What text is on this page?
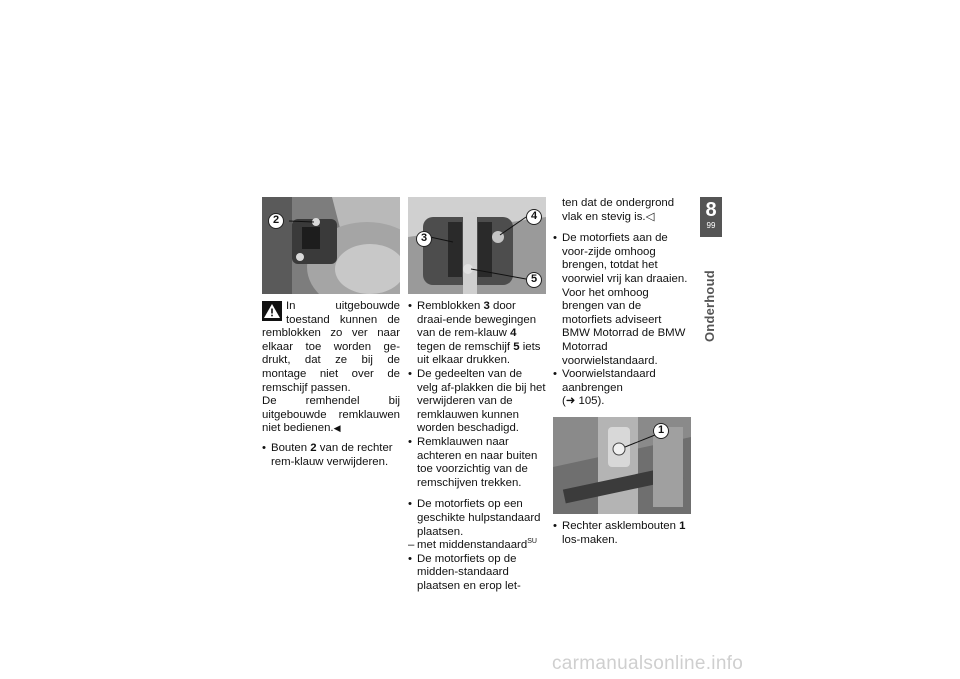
2

In uitgebouwde toestand kunnen de remblokken zo ver naar elkaar toe worden ge-drukt, dat ze bij de montage niet over de remschijf passen.
De remhendel bij uitgebouwde remklauwen niet bedienen.◀

• Bouten 2 van de rechter rem-klauw verwijderen.
4
3
5
• Remblokken 3 door draai-ende bewegingen van de rem-klauw 4 tegen de remschijf 5 iets uit elkaar drukken.
• De gedeelten van de velg af-plakken die bij het verwijderen van de remklauwen kunnen worden beschadigd.
• Remklauwen naar achteren en naar buiten toe voorzichtig van de remschijven trekken.
• De motorfiets op een geschikte hulpstandaard plaatsen.
– met middenstandaard$^{SU}$
• De motorfiets op de midden-standaard plaatsen en erop let-

ten dat de ondergrond vlak en stevig is.◁

• De motorfiets aan de voor-zijde omhoog brengen, totdat het voorwiel vrij kan draaien. Voor het omhoog brengen van de motorfiets adviseert BMW Motorrad de BMW Motorrad voorwielstandaard.
• Voorwielstandaard aanbrengen
(➜ 105).
1
• Rechter asklembouten 1 los-maken.
8
99
Onderhoud
carmanualsonline.info
